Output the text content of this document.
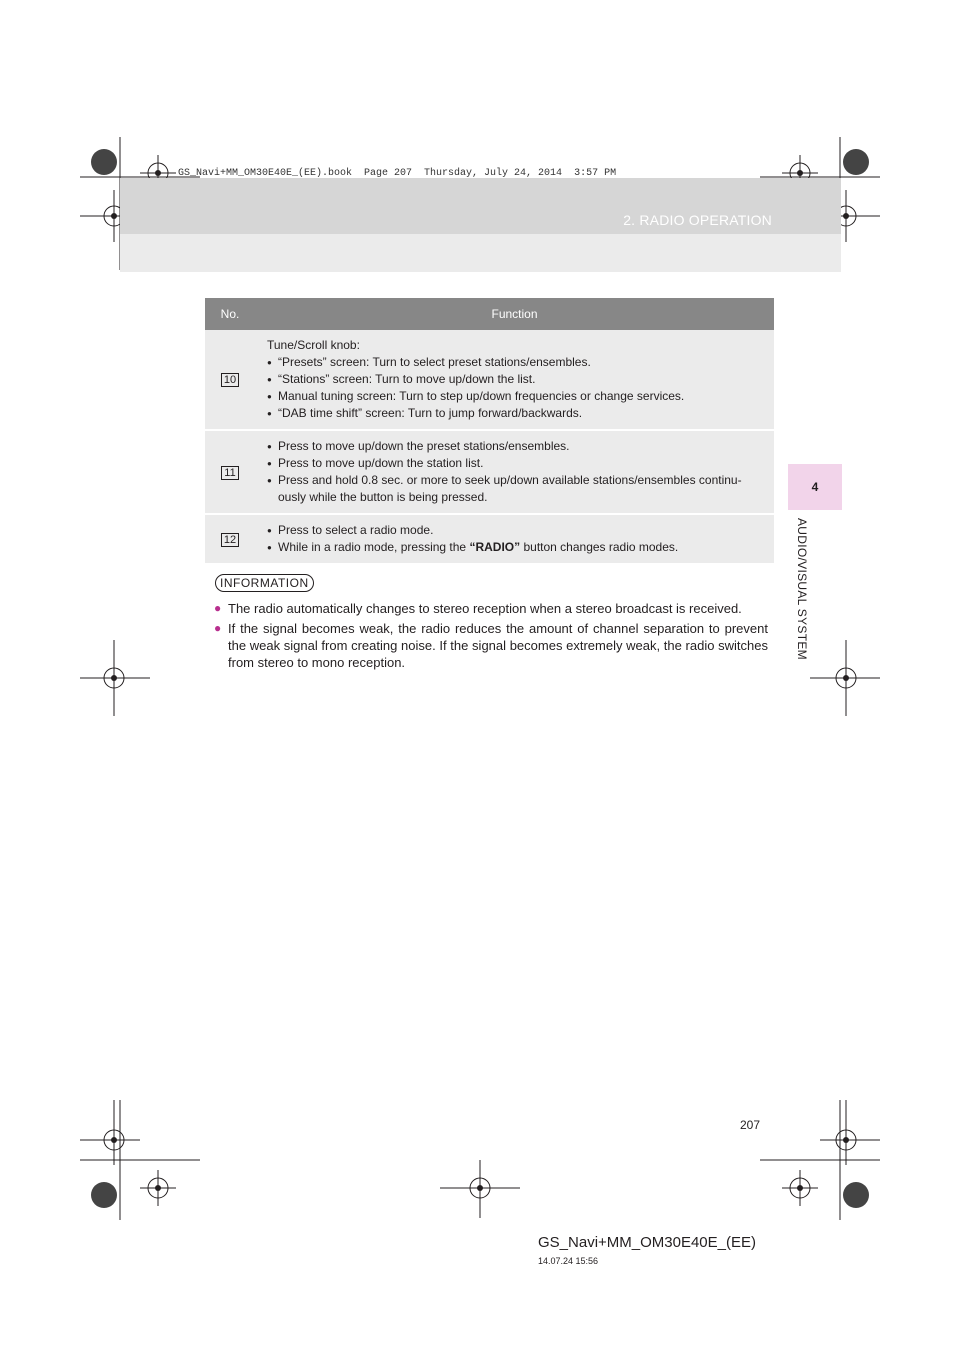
GS_Navi+MM_OM30E40E_(EE).book  Page 207  Thursday, July 24, 2014  3:57 PM
2. RADIO OPERATION
4
AUDIO/VISUAL SYSTEM
No.	Function
10	Tune/Scroll knob:
● “Presets” screen: Turn to select preset stations/ensembles.
● “Stations” screen: Turn to move up/down the list.
● Manual tuning screen: Turn to step up/down frequencies or change services.
● “DAB time shift” screen: Turn to jump forward/backwards.

11	● Press to move up/down the preset stations/ensembles.
● Press to move up/down the station list.
● Press and hold 0.8 sec. or more to seek up/down available stations/ensembles continu-ously while the button is being pressed.

12	● Press to select a radio mode.
● While in a radio mode, pressing the “RADIO” button changes radio modes.
INFORMATION
● The radio automatically changes to stereo reception when a stereo broadcast is received.
● If the signal becomes weak, the radio reduces the amount of channel separation to prevent the weak signal from creating noise. If the signal becomes extremely weak, the radio switches from stereo to mono reception.
207
GS_Navi+MM_OM30E40E_(EE)
14.07.24 15:56
